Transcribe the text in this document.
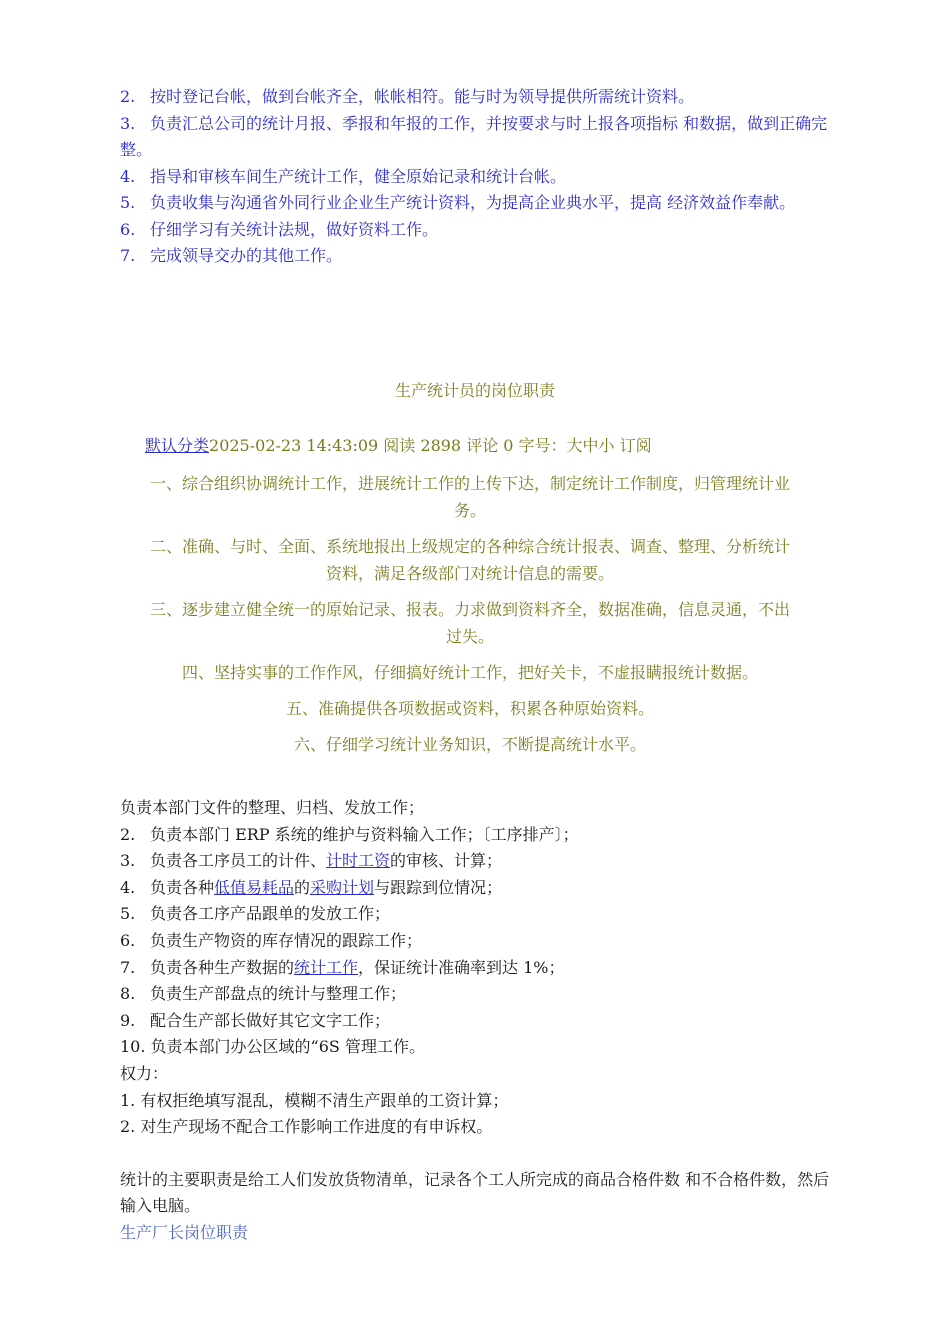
2. 按时登记台帐，做到台帐齐全，帐帐相符。能与时为领导提供所需统计资料。

3. 负责汇总公司的统计月报、季报和年报的工作，并按要求与时上报各项指标 和数据，做到正确完整。

4. 指导和审核车间生产统计工作，健全原始记录和统计台帐。

5. 负责收集与沟通省外同行业企业生产统计资料，为提高企业典水平，提高 经济效益作奉献。

6. 仔细学习有关统计法规，做好资料工作。

7. 完成领导交办的其他工作。

生产统计员的岗位职责
默认分类2025-02-23 14:43:09 阅读 2898 评论 0 字号：大中小 订阅

一、综合组织协调统计工作，进展统计工作的上传下达，制定统计工作制度，归管理统计业务。

二、准确、与时、全面、系统地报出上级规定的各种综合统计报表、调查、整理、分析统计资料，满足各级部门对统计信息的需要。

三、逐步建立健全统一的原始记录、报表。力求做到资料齐全，数据准确，信息灵通，不出过失。

四、坚持实事的工作作风，仔细搞好统计工作，把好关卡，不虚报瞒报统计数据。

五、准确提供各项数据或资料，积累各种原始资料。

六、仔细学习统计业务知识，不断提高统计水平。

负责本部门文件的整理、归档、发放工作；

2. 负责本部门 ERP 系统的维护与资料输入工作；〔工序排产〕；

3. 负责各工序员工的计件、计时工资的审核、计算；

4. 负责各种低值易耗品的采购计划与跟踪到位情况；

5. 负责各工序产品跟单的发放工作；

6. 负责生产物资的库存情况的跟踪工作；

7. 负责各种生产数据的统计工作，保证统计准确率到达 1%；

8. 负责生产部盘点的统计与整理工作；

9. 配合生产部长做好其它文字工作；

10. 负责本部门办公区域的“6S 管理工作。

权力：

1. 有权拒绝填写混乱，模糊不清生产跟单的工资计算；

2. 对生产现场不配合工作影响工作进度的有申诉权。

统计的主要职责是给工人们发放货物清单，记录各个工人所完成的商品合格件数 和不合格件数，然后输入电脑。

生产厂长岗位职责
